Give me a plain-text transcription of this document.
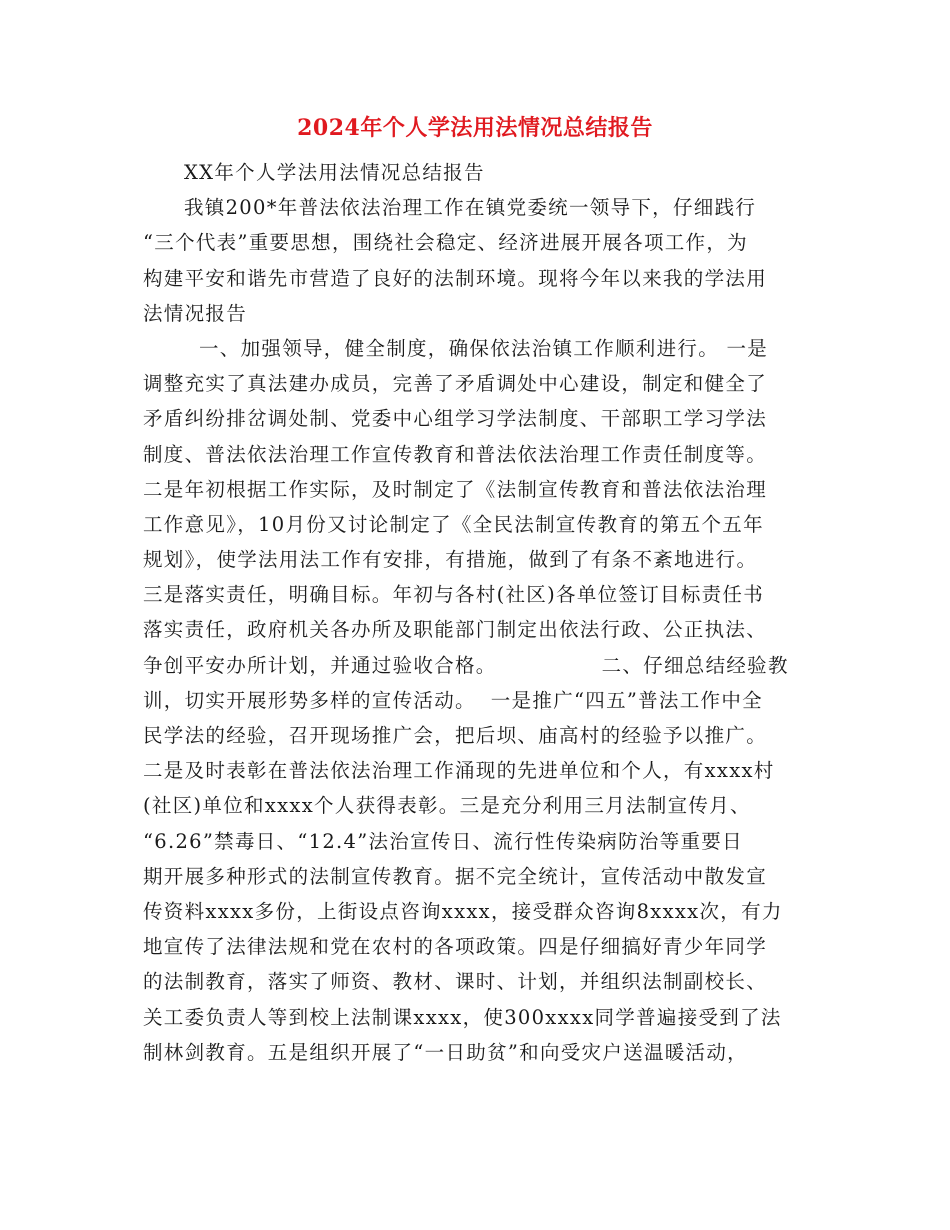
2024年个人学法用法情况总结报告
XX年个人学法用法情况总结报告
我镇200*年普法依法治理工作在镇党委统一领导下，仔细践行
“三个代表”重要思想，围绕社会稳定、经济进展开展各项工作，为
构建平安和谐先市营造了良好的法制环境。现将今年以来我的学法用
法情况报告
一、加强领导，健全制度，确保依法治镇工作顺利进行。 一是
调整充实了真法建办成员，完善了矛盾调处中心建设，制定和健全了
矛盾纠纷排岔调处制、党委中心组学习学法制度、干部职工学习学法
制度、普法依法治理工作宣传教育和普法依法治理工作责任制度等。
二是年初根据工作实际，及时制定了《法制宣传教育和普法依法治理
工作意见》，10月份又讨论制定了《全民法制宣传教育的第五个五年
规划》，使学法用法工作有安排，有措施，做到了有条不紊地进行。
三是落实责任，明确目标。年初与各村(社区)各单位签订目标责任书
落实责任，政府机关各办所及职能部门制定出依法行政、公正执法、
争创平安办所计划，并通过验收合格。              二、仔细总结经验教
训，切实开展形势多样的宣传活动。  一是推广“四五”普法工作中全
民学法的经验，召开现场推广会，把后坝、庙高村的经验予以推广。
二是及时表彰在普法依法治理工作涌现的先进单位和个人，有xxxx村
(社区)单位和xxxx个人获得表彰。三是充分利用三月法制宣传月、
“6.26”禁毒日、“12.4”法治宣传日、流行性传染病防治等重要日
期开展多种形式的法制宣传教育。据不完全统计，宣传活动中散发宣
传资料xxxx多份，上街设点咨询xxxx，接受群众咨询8xxxx次，有力
地宣传了法律法规和党在农村的各项政策。四是仔细搞好青少年同学
的法制教育，落实了师资、教材、课时、计划，并组织法制副校长、
关工委负责人等到校上法制课xxxx，使300xxxx同学普遍接受到了法
制林剑教育。五是组织开展了“一日助贫”和向受灾户送温暖活动，
